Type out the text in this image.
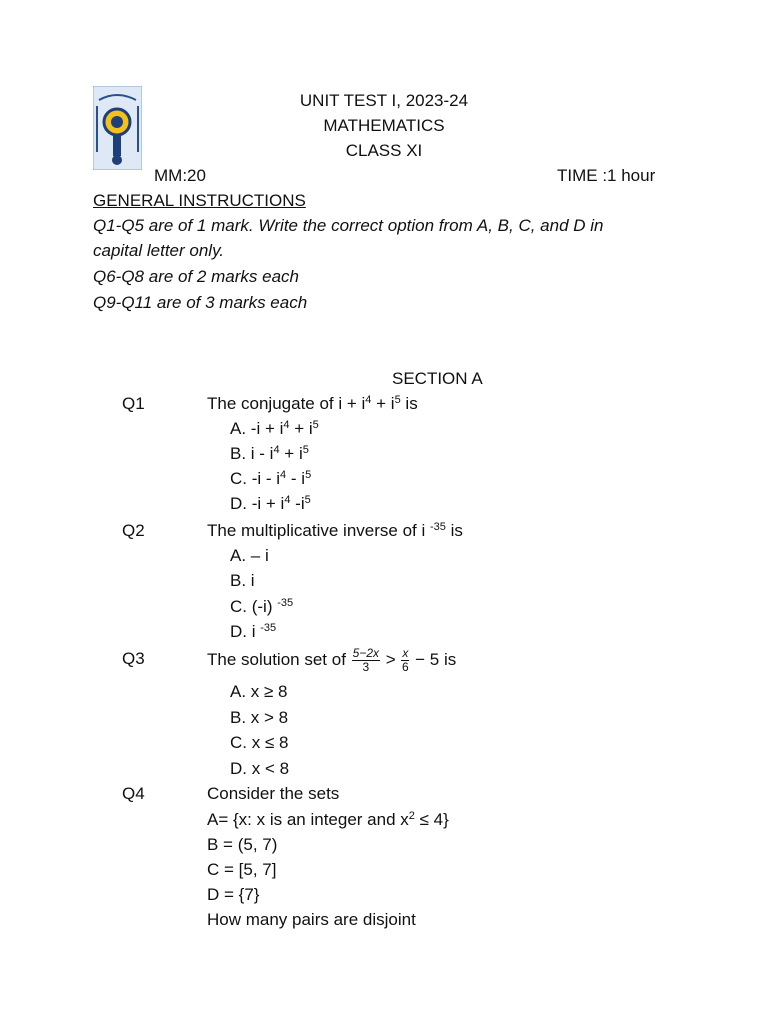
UNIT TEST I, 2023-24
MATHEMATICS
CLASS XI
MM:20	TIME :1 hour
GENERAL INSTRUCTIONS
Q1-Q5 are of 1 mark. Write the correct option from A, B, C, and D in
capital letter only.
Q6-Q8 are of 2 marks each
Q9-Q11 are of 3 marks each
SECTION A
Q1	The conjugate of $i + i^4 + i^5$ is
A. $-i + i^4 + i^5$
B. $i - i^4 + i^5$
C. $-i - i^4 - i^5$
D. $-i + i^4$ $-i^5$
Q2	The multiplicative inverse of i $^{-35}$ is
A. – i
B. i
C. (-i) $^{-35}$
D. i $^{-35}$
Q3	The solution set of $\frac{5-2x}{3} > \frac{x}{6} - 5$ is
A. x ≥ 8
B. x > 8
C. x ≤ 8
D. x < 8
Q4	Consider the sets
A= {x: x is an integer and $x^2 \le 4$}
B = (5, 7)
C = [5, 7]
D = {7}
How many pairs are disjoint
